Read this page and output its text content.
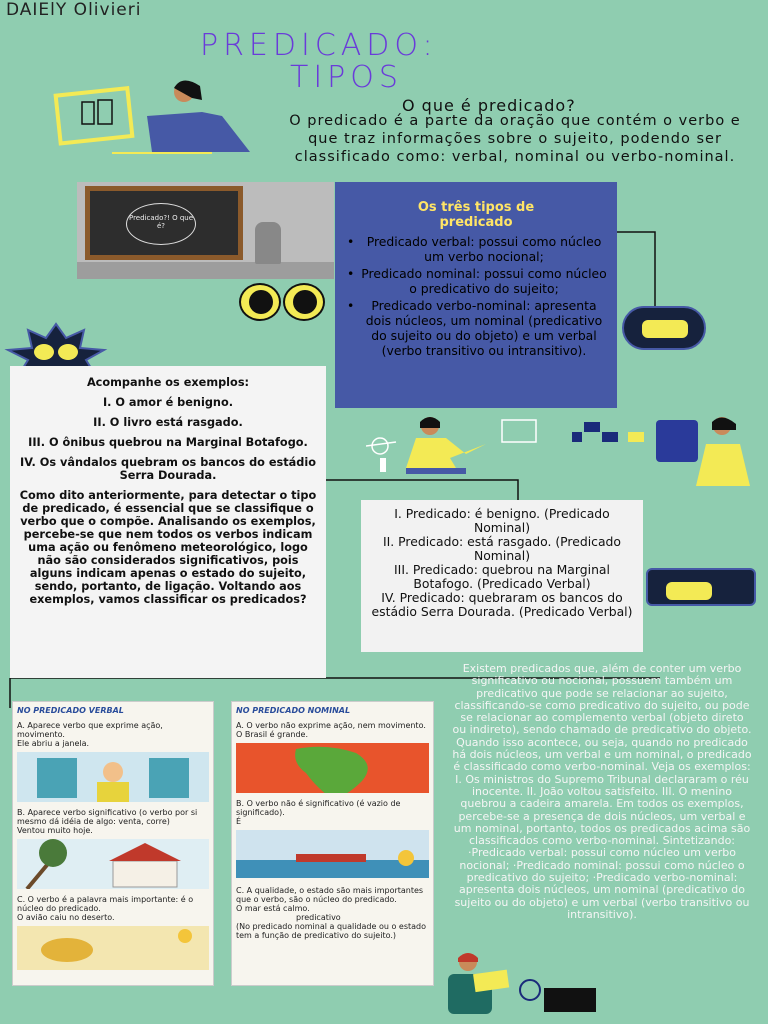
DAIElY Olivieri
PREDICADO:
TIPOS
O que é predicado?
O predicado é a parte da oração que contém o verbo e que traz informações sobre o sujeito, podendo ser classificado como: verbal, nominal ou verbo-nominal.
Predicado?! O que é?
Os três tipos de predicado
• Predicado verbal: possui como núcleo um verbo nocional;
• Predicado nominal: possui como núcleo o predicativo do sujeito;
• Predicado verbo-nominal: apresenta dois núcleos, um nominal (predicativo do sujeito ou do objeto) e um verbal (verbo transitivo ou intransitivo).

Acompanhe os exemplos:

I. O amor é benigno.

II. O livro está rasgado.

III. O ônibus quebrou na Marginal Botafogo.

IV. Os vândalos quebram os bancos do estádio Serra Dourada.

Como dito anteriormente, para detectar o tipo de predicado, é essencial que se classifique o verbo que o compõe. Analisando os exemplos, percebe-se que nem todos os verbos indicam uma ação ou fenômeno meteorológico, logo não são considerados significativos, pois alguns indicam apenas o estado do sujeito, sendo, portanto, de ligação. Voltando aos exemplos, vamos classificar os predicados?

I. Predicado: é benigno. (Predicado Nominal)

II. Predicado: está rasgado. (Predicado Nominal)

III. Predicado: quebrou na Marginal Botafogo. (Predicado Verbal)

IV. Predicado: quebraram os bancos do estádio Serra Dourada. (Predicado Verbal)

Existem predicados que, além de conter um verbo significativo ou nocional, possuem também um predicativo que pode se relacionar ao sujeito, classificando-se como predicativo do sujeito, ou pode se relacionar ao complemento verbal (objeto direto ou indireto), sendo chamado de predicativo do objeto. Quando isso acontece, ou seja, quando no predicado há dois núcleos, um verbal e um nominal, o predicado é classificado como verbo-nominal. Veja os exemplos: I. Os ministros do Supremo Tribunal declararam o réu inocente. II. João voltou satisfeito. III. O menino quebrou a cadeira amarela. Em todos os exemplos, percebe-se a presença de dois núcleos, um verbal e um nominal, portanto, todos os predicados acima são classificados como verbo-nominal. Sintetizando: ·Predicado verbal: possui como núcleo um verbo nocional; ·Predicado nominal: possui como núcleo o predicativo do sujeito; ·Predicado verbo-nominal: apresenta dois núcleos, um nominal (predicativo do sujeito ou do objeto) e um verbal (verbo transitivo ou intransitivo).
NO PREDICADO VERBAL
A. Aparece verbo que exprime ação, movimento.
Ele abriu a janela.
B. Aparece verbo significativo (o verbo por si mesmo dá idéia de algo: venta, corre)
Ventou muito hoje.
C. O verbo é a palavra mais importante: é o núcleo do predicado.
O avião caiu no deserto.
NO PREDICADO NOMINAL
A. O verbo não exprime ação, nem movimento.
O Brasil é grande.
B. O verbo não é significativo (é vazio de significado).
É
C. A qualidade, o estado são mais importantes que o verbo, são o núcleo do predicado.
O mar está calmo.
predicativo
(No predicado nominal a qualidade ou o estado tem a função de predicativo do sujeito.)
